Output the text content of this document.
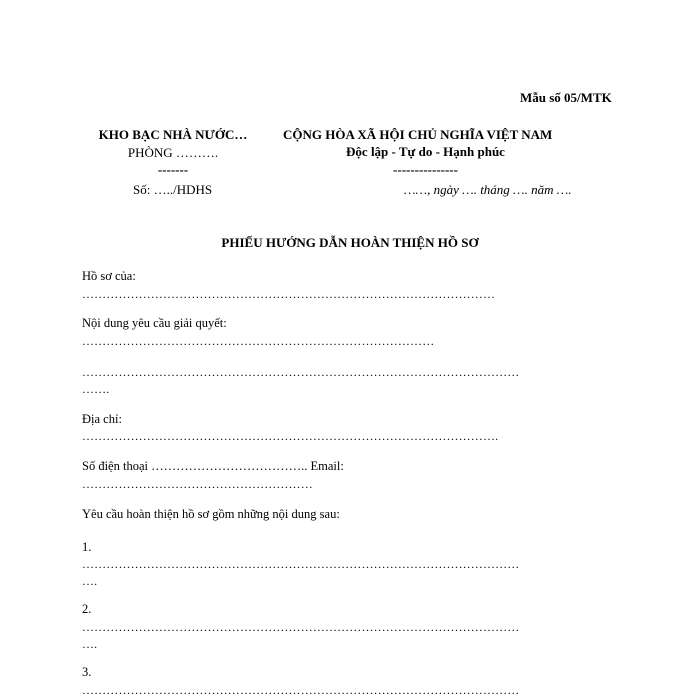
Mẫu số 05/MTK
KHO BẠC NHÀ NƯỚC…
PHÒNG ……….
-------
Số: …../HDHS
CỘNG HÒA XÃ HỘI CHỦ NGHĨA VIỆT NAM
Độc lập - Tự do - Hạnh phúc
---------------
……, ngày …. tháng …. năm ….
PHIẾU HƯỚNG DẪN HOÀN THIỆN HỒ SƠ
Hồ sơ của:
…………………………………………………………………………………………
Nội dung yêu cầu giải quyết:
……………………………………………………………………………
………………………………………………………………………………………………
…….
Địa chỉ:
………………………………………………………………………………………….
Số điện thoại ……………………………….. Email:
…………………………………………………
Yêu cầu hoàn thiện hồ sơ gồm những nội dung sau:
1.
………………………………………………………………………………………………
….
2.
………………………………………………………………………………………………
….
3.
………………………………………………………………………………………………
